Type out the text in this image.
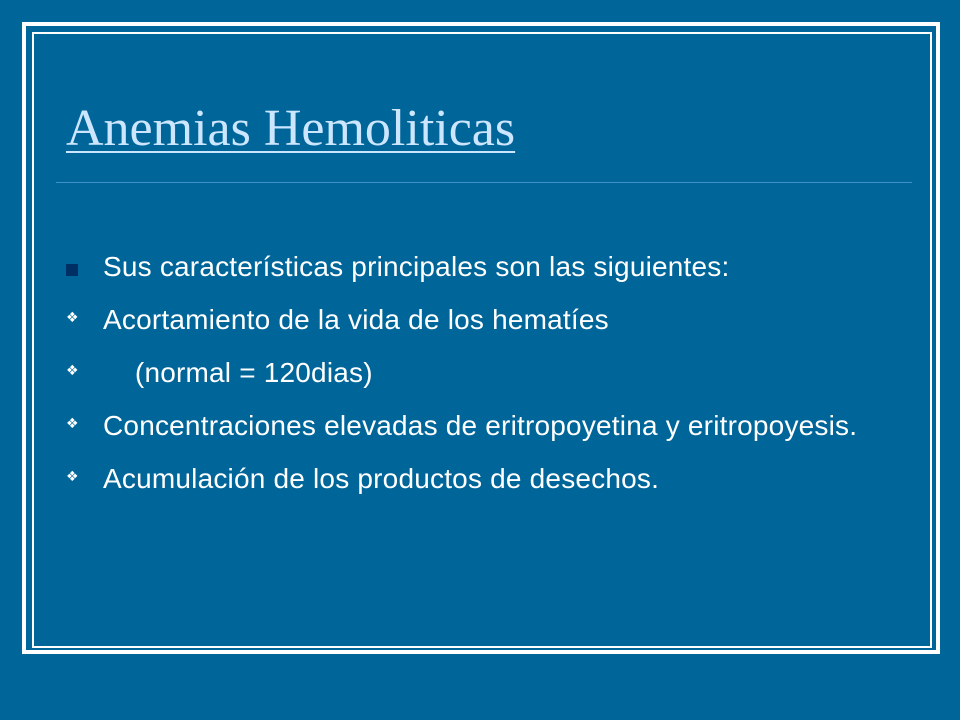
Anemias Hemoliticas
Sus características principales son las siguientes:
❖ Acortamiento de la vida de los hematíes
❖ (normal = 120dias)
❖ Concentraciones elevadas de eritropoyetina y eritropoyesis.
❖ Acumulación de los productos de desechos.
